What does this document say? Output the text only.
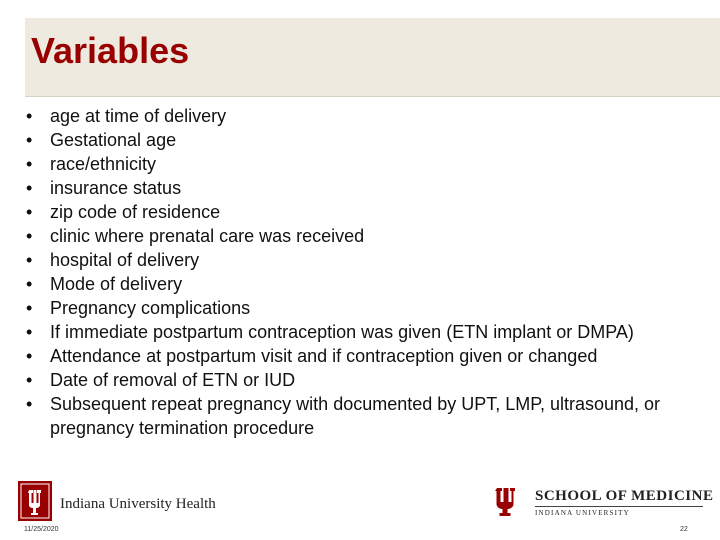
Variables
• age at time of delivery
• Gestational age
• race/ethnicity
• insurance status
• zip code of residence
• clinic where prenatal care was received
• hospital of delivery
• Mode of delivery
• Pregnancy complications
• If immediate postpartum contraception was given (ETN implant or DMPA)
• Attendance at postpartum visit and if contraception given or changed
• Date of removal of ETN or IUD
• Subsequent repeat pregnancy with documented by UPT, LMP, ultrasound, or pregnancy termination procedure
Indiana University Health	SCHOOL OF MEDICINE
INDIANA UNIVERSITY
11/25/2020	22
